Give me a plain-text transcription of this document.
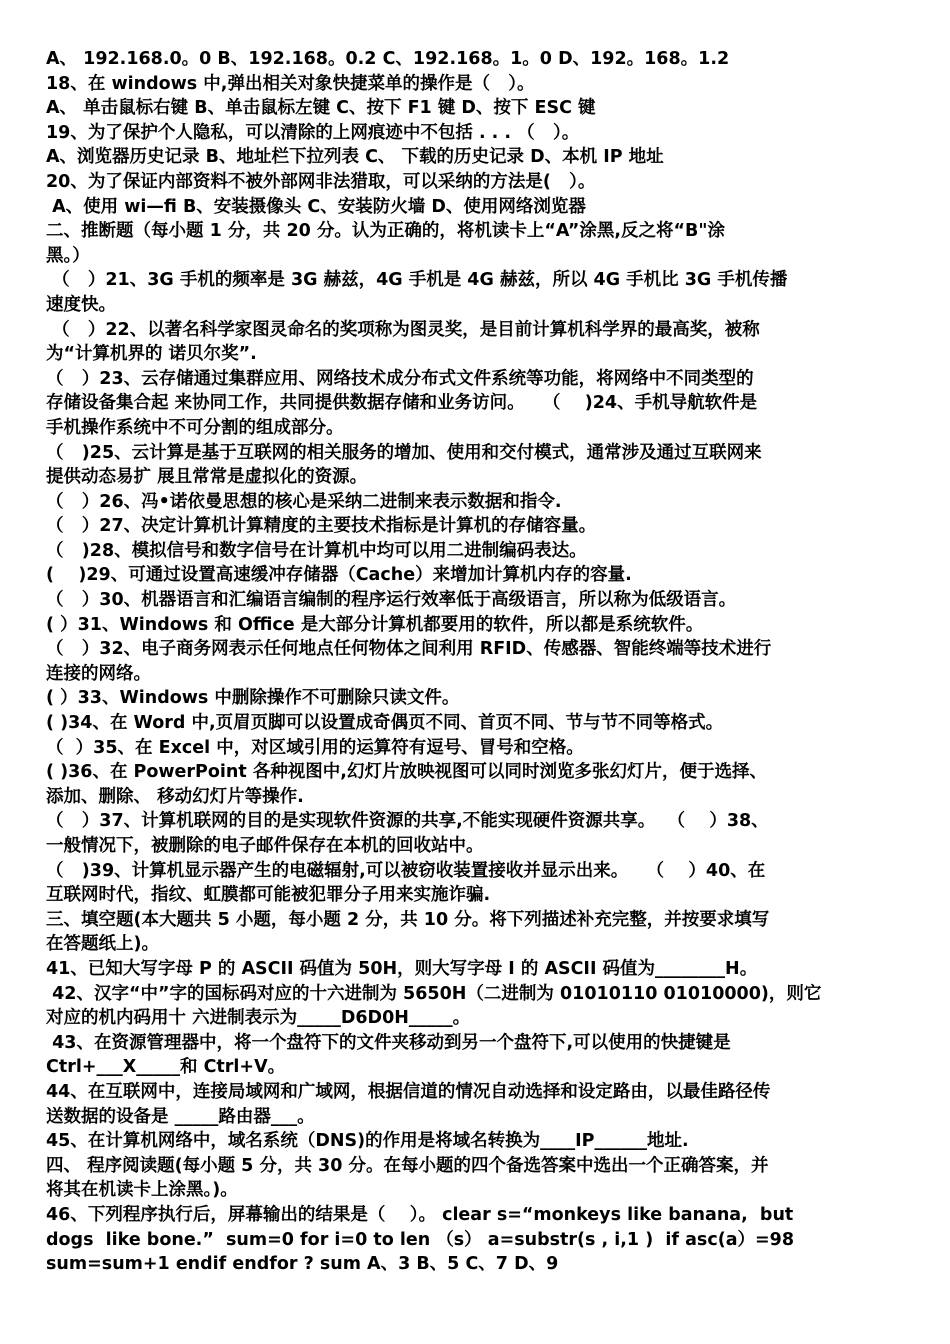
A、 192.168.0。0 B、192.168。0.2 C、192.168。1。0 D、192。168。1.2
18、在 windows 中,弹出相关对象快捷菜单的操作是（   ）。
A、 单击鼠标右键 B、单击鼠标左键 C、按下 F1 键 D、按下 ESC 键
19、为了保护个人隐私，可以清除的上网痕迹中不包括 . . . （   ）。
A、浏览器历史记录 B、地址栏下拉列表 C、 下载的历史记录 D、本机 IP 地址
20、为了保证内部资料不被外部网非法猎取，可以采纳的方法是(   ）。
A、使用 wi—fi B、安装摄像头 C、安装防火墙 D、使用网络浏览器
二、推断题（每小题 1 分，共 20 分。认为正确的，将机读卡上“A”涂黑,反之将“B"涂
黑。）
（   ）21、3G 手机的频率是 3G 赫兹，4G 手机是 4G 赫兹，所以 4G 手机比 3G 手机传播
速度快。
（   ）22、以著名科学家图灵命名的奖项称为图灵奖，是目前计算机科学界的最高奖，被称
为“计算机界的 诺贝尔奖”.
（   ）23、云存储通过集群应用、网络技术成分布式文件系统等功能，将网络中不同类型的
存储设备集合起 来协同工作，共同提供数据存储和业务访问。   （    )24、手机导航软件是
手机操作系统中不可分割的组成部分。
（   )25、云计算是基于互联网的相关服务的增加、使用和交付模式，通常涉及通过互联网来
提供动态易扩 展且常常是虚拟化的资源。
（   ）26、冯•诺依曼思想的核心是采纳二进制来表示数据和指令.
（   ）27、决定计算机计算精度的主要技术指标是计算机的存储容量。
（   )28、模拟信号和数字信号在计算机中均可以用二进制编码表达。
(    )29、可通过设置高速缓冲存储器（Cache）来增加计算机内存的容量.
（   ）30、机器语言和汇编语言编制的程序运行效率低于高级语言，所以称为低级语言。
( ）31、Windows 和 Office 是大部分计算机都要用的软件，所以都是系统软件。
（   ）32、电子商务网表示任何地点任何物体之间利用 RFID、传感器、智能终端等技术进行
连接的网络。
( ）33、Windows 中删除操作不可删除只读文件。
( )34、在 Word 中,页眉页脚可以设置成奇偶页不同、首页不同、节与节不同等格式。
（  ）35、在 Excel 中，对区域引用的运算符有逗号、冒号和空格。
( )36、在 PowerPoint 各种视图中,幻灯片放映视图可以同时浏览多张幻灯片，便于选择、
添加、删除、 移动幻灯片等操作.
（   ）37、计算机联网的目的是实现软件资源的共享,不能实现硬件资源共享。  （    ）38、
一般情况下，被删除的电子邮件保存在本机的回收站中。
（   )39、计算机显示器产生的电磁辐射,可以被窃收装置接收并显示出来。   （    ）40、在
互联网时代，指纹、虹膜都可能被犯罪分子用来实施诈骗.
三、填空题(本大题共 5 小题，每小题 2 分，共 10 分。将下列描述补充完整，并按要求填写
在答题纸上)。
41、已知大写字母 P 的 ASCII 码值为 50H，则大写字母 I 的 ASCII 码值为________H。
42、汉字“中”字的国标码对应的十六进制为 5650H（二进制为 01010110 01010000)，则它
对应的机内码用十 六进制表示为_____D6D0H_____。
43、在资源管理器中，将一个盘符下的文件夹移动到另一个盘符下,可以使用的快捷键是
Ctrl+___X_____和 Ctrl+V。
44、在互联网中，连接局域网和广域网，根据信道的情况自动选择和设定路由，以最佳路径传
送数据的设备是 _____路由器___。
45、在计算机网络中，域名系统（DNS)的作用是将域名转换为____IP______地址.
四、 程序阅读题(每小题 5 分，共 30 分。在每小题的四个备选答案中选出一个正确答案，并
将其在机读卡上涂黑。)。
46、下列程序执行后，屏幕输出的结果是（    ）。 clear s=“monkeys like banana,  but
dogs  like bone.”  sum=0 for i=0 to len （s） a=substr(s , i,1 )  if asc(a）=98
sum=sum+1 endif endfor ? sum A、3 B、5 C、7 D、9
